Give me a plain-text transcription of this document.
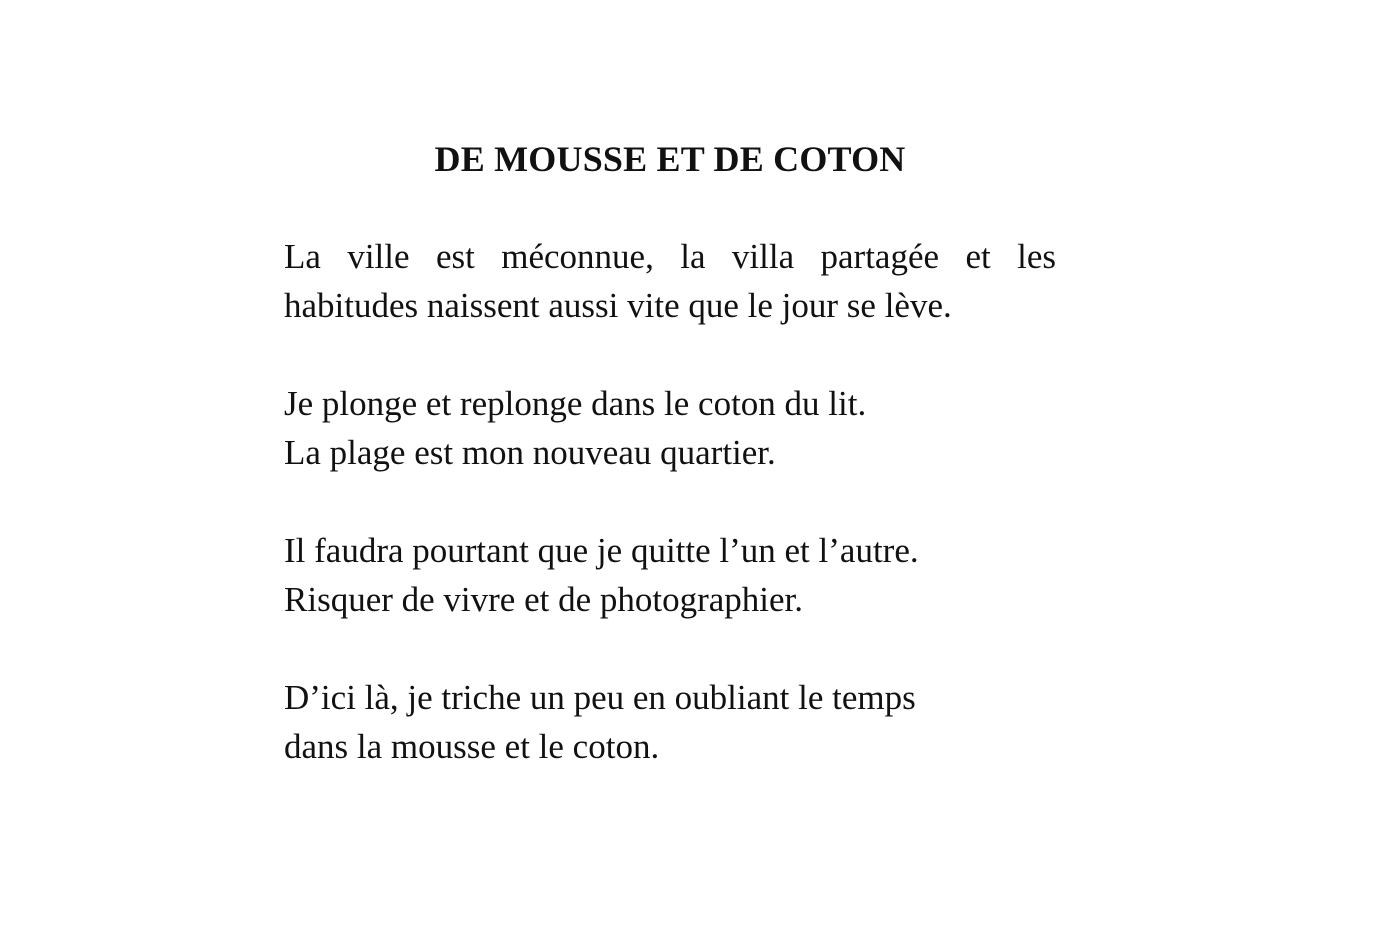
DE MOUSSE ET DE COTON
La ville est méconnue, la villa partagée et les
habitudes naissent aussi vite que le jour se lève.
Je plonge et replonge dans le coton du lit.
La plage est mon nouveau quartier.
Il faudra pourtant que je quitte l’un et l’autre.
Risquer de vivre et de photographier.
D’ici là, je triche un peu en oubliant le temps
dans la mousse et le coton.
